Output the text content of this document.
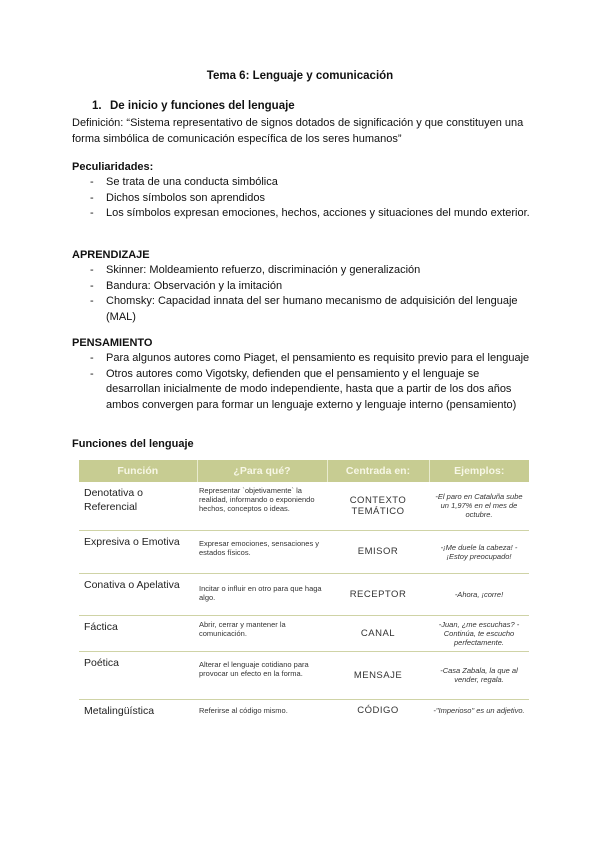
Tema 6: Lenguaje y comunicación
1. De inicio y funciones del lenguaje
Definición: “Sistema representativo de signos dotados de significación y que constituyen una forma simbólica de comunicación específica de los seres humanos”
Peculiaridades:
- Se trata de una conducta simbólica
- Dichos símbolos son aprendidos
- Los símbolos expresan emociones, hechos, acciones y situaciones del mundo exterior.
APRENDIZAJE
- Skinner: Moldeamiento refuerzo, discriminación y generalización
- Bandura: Observación y la imitación
- Chomsky: Capacidad innata del ser humano mecanismo de adquisición del lenguaje (MAL)
PENSAMIENTO
- Para algunos autores como Piaget, el pensamiento es requisito previo para el lenguaje
- Otros autores como Vigotsky, defienden que el pensamiento y el lenguaje se desarrollan inicialmente de modo independiente, hasta que a partir de los dos años ambos convergen para formar un lenguaje externo y lenguaje interno (pensamiento)
Funciones del lenguaje
Función	¿Para qué?	Centrada en:	Ejemplos:
Denotativa o Referencial	Representar `objetivamente` la realidad, informando o exponiendo hechos, conceptos o ideas.	CONTEXTO TEMÁTICO	-El paro en Cataluña sube un 1,97% en el mes de octubre.
Expresiva o Emotiva	Expresar emociones, sensaciones y estados físicos.	EMISOR	-¡Me duele la cabeza! -¡Estoy preocupado!
Conativa o Apelativa	Incitar o influir en otro para que haga algo.	RECEPTOR	-Ahora, ¡corre!
Fáctica	Abrir, cerrar y mantener la comunicación.	CANAL	-Juan, ¿me escuchas? -Continúa, te escucho perfectamente.
Poética	Alterar el lenguaje cotidiano para provocar un efecto en la forma.	MENSAJE	-Casa Zabala, la que al vender, regala.
Metalingüística	Referirse al código mismo.	CÓDIGO	-"Imperioso" es un adjetivo.
